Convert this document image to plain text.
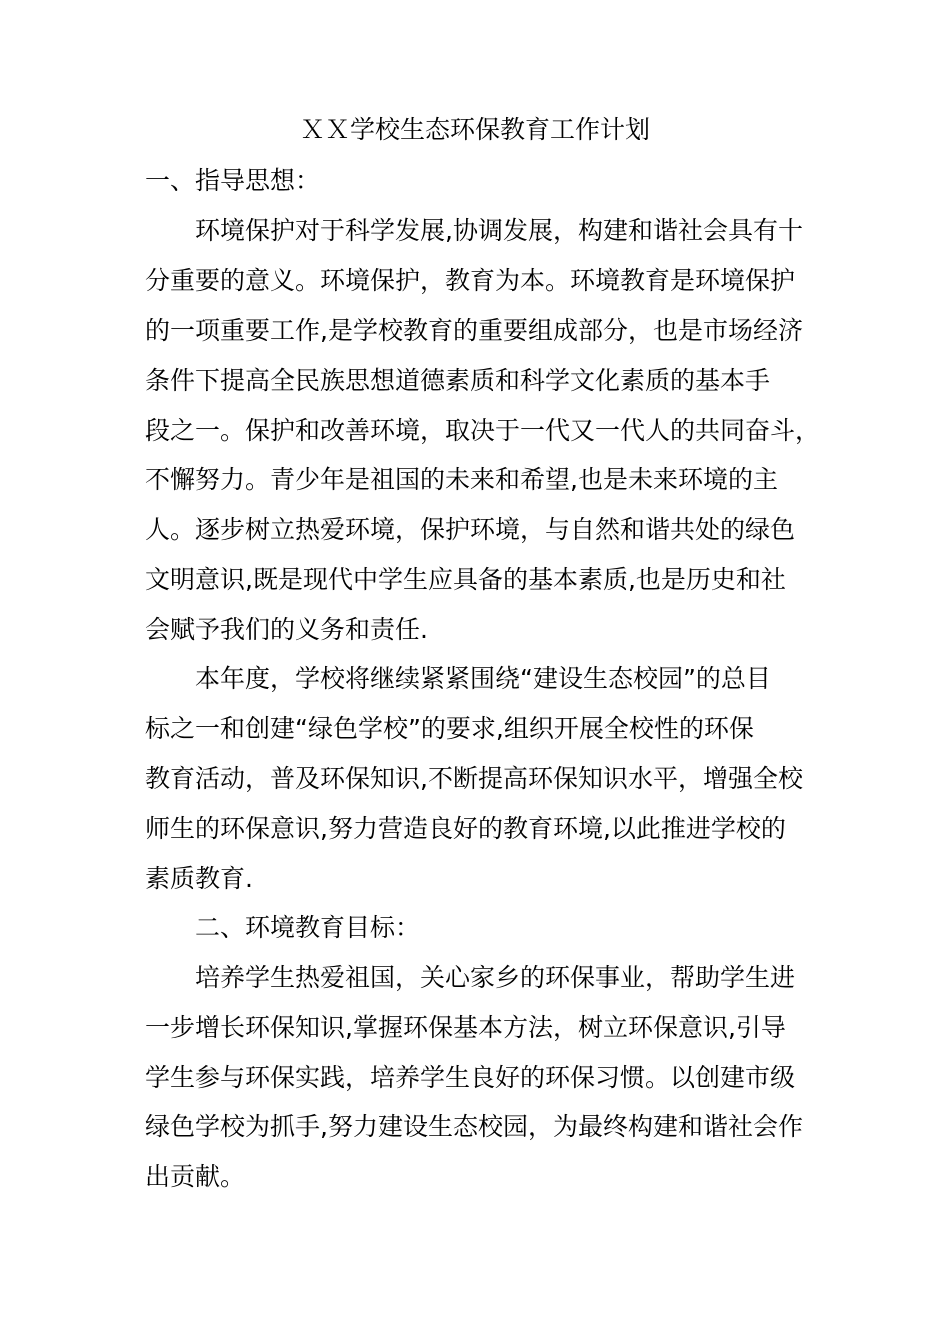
ＸＸ学校生态环保教育工作计划
一、指导思想：
环境保护对于科学发展,协调发展，构建和谐社会具有十
分重要的意义。环境保护，教育为本。环境教育是环境保护
的一项重要工作,是学校教育的重要组成部分，也是市场经济
条件下提高全民族思想道德素质和科学文化素质的基本手
段之一。保护和改善环境，取决于一代又一代人的共同奋斗，
不懈努力。青少年是祖国的未来和希望,也是未来环境的主
人。逐步树立热爱环境，保护环境，与自然和谐共处的绿色
文明意识,既是现代中学生应具备的基本素质,也是历史和社
会赋予我们的义务和责任.
本年度，学校将继续紧紧围绕“建设生态校园”的总目
标之一和创建“绿色学校”的要求,组织开展全校性的环保
教育活动，普及环保知识,不断提高环保知识水平，增强全校
师生的环保意识,努力营造良好的教育环境,以此推进学校的
素质教育.
二、环境教育目标：
培养学生热爱祖国，关心家乡的环保事业，帮助学生进
一步增长环保知识,掌握环保基本方法，树立环保意识,引导
学生参与环保实践，培养学生良好的环保习惯。以创建市级
绿色学校为抓手,努力建设生态校园，为最终构建和谐社会作
出贡献。
